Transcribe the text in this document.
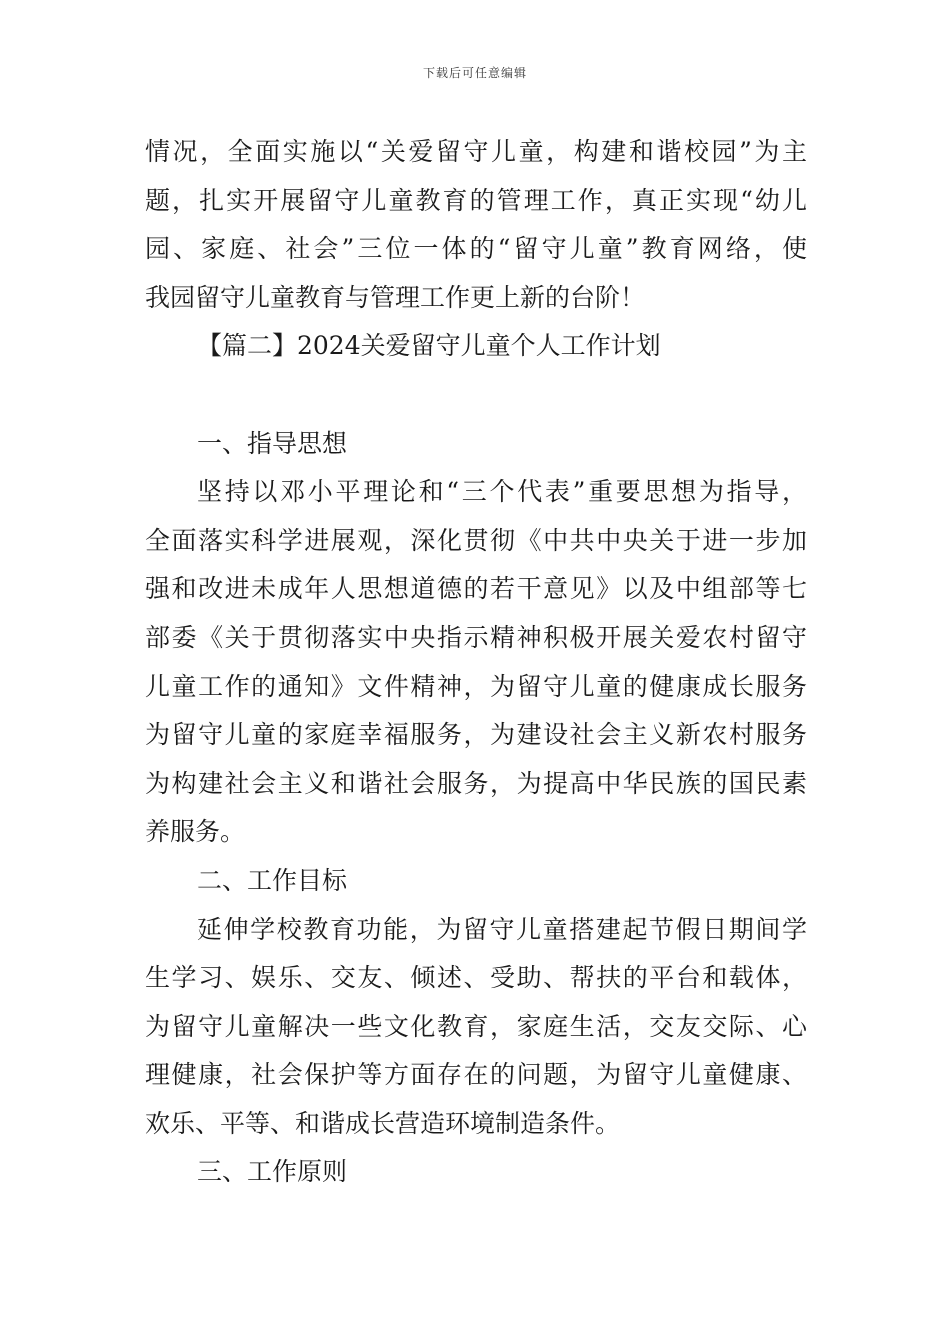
下载后可任意编辑
情况，全面实施以“关爱留守儿童，构建和谐校园”为主
题，扎实开展留守儿童教育的管理工作，真正实现“幼儿
园、家庭、社会”三位一体的“留守儿童”教育网络，使
我园留守儿童教育与管理工作更上新的台阶！
【篇二】2024关爱留守儿童个人工作计划
一、指导思想
坚持以邓小平理论和“三个代表”重要思想为指导，
全面落实科学进展观，深化贯彻《中共中央关于进一步加
强和改进未成年人思想道德的若干意见》以及中组部等七
部委《关于贯彻落实中央指示精神积极开展关爱农村留守
儿童工作的通知》文件精神，为留守儿童的健康成长服务
为留守儿童的家庭幸福服务，为建设社会主义新农村服务
为构建社会主义和谐社会服务，为提高中华民族的国民素
养服务。
二、工作目标
延伸学校教育功能，为留守儿童搭建起节假日期间学
生学习、娱乐、交友、倾述、受助、帮扶的平台和载体，
为留守儿童解决一些文化教育，家庭生活，交友交际、心
理健康，社会保护等方面存在的问题，为留守儿童健康、
欢乐、平等、和谐成长营造环境制造条件。
三、工作原则
